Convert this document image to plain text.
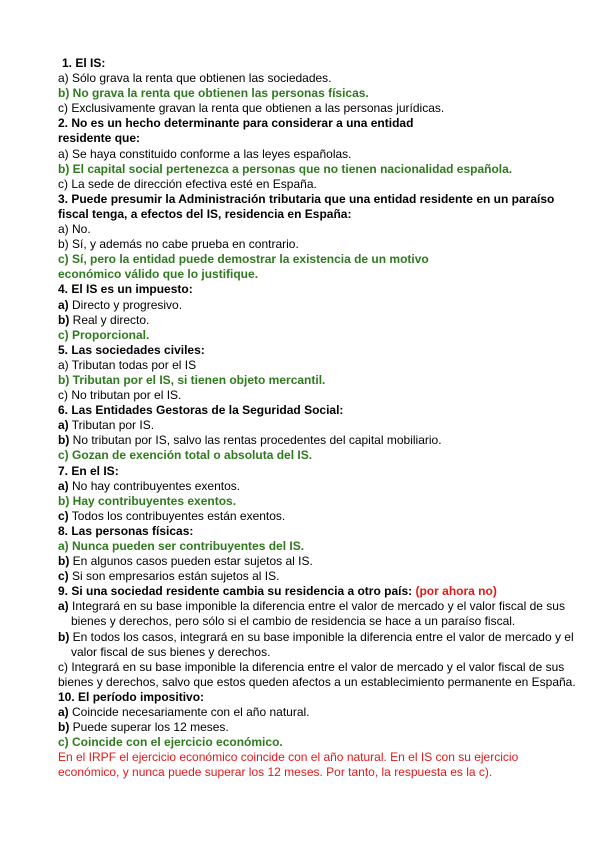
1. El IS:

a) Sólo grava la renta que obtienen las sociedades.

b) No grava la renta que obtienen las personas físicas.

c) Exclusivamente gravan la renta que obtienen a las personas jurídicas.

2. No es un hecho determinante para considerar a una entidad

residente que:

a) Se haya constituido conforme a las leyes españolas.

b) El capital social pertenezca a personas que no tienen nacionalidad española.

c) La sede de dirección efectiva esté en España.

3. Puede presumir la Administración tributaria que una entidad residente en un paraíso fiscal tenga, a efectos del IS, residencia en España:

a) No.

b) Sí, y además no cabe prueba en contrario.

c) Sí, pero la entidad puede demostrar la existencia de un motivo

económico válido que lo justifique.

4. El IS es un impuesto:

a) Directo y progresivo.

b) Real y directo.

c) Proporcional.

5. Las sociedades civiles:

a) Tributan todas por el IS

b) Tributan por el IS, si tienen objeto mercantil.

c) No tributan por el IS.

6. Las Entidades Gestoras de la Seguridad Social:

a) Tributan por IS.

b) No tributan por IS, salvo las rentas procedentes del capital mobiliario.

c) Gozan de exención total o absoluta del IS.

7. En el IS:

a) No hay contribuyentes exentos.

b) Hay contribuyentes exentos.

c) Todos los contribuyentes están exentos.

8. Las personas físicas:

a) Nunca pueden ser contribuyentes del IS.

b) En algunos casos pueden estar sujetos al IS.

c) Si son empresarios están sujetos al IS.

9. Si una sociedad residente cambia su residencia a otro país: (por ahora no)

a) Integrará en su base imponible la diferencia entre el valor de mercado y el valor fiscal de sus bienes y derechos, pero sólo si el cambio de residencia se hace a un paraíso fiscal.

b) En todos los casos, integrará en su base imponible la diferencia entre el valor de mercado y el valor fiscal de sus bienes y derechos.

c) Integrará en su base imponible la diferencia entre el valor de mercado y el valor fiscal de sus bienes y derechos, salvo que estos queden afectos a un establecimiento permanente en España.

10. El período impositivo:

a) Coincide necesariamente con el año natural.

b) Puede superar los 12 meses.

c) Coincide con el ejercicio económico.

En el IRPF el ejercicio económico coincide con el año natural. En el IS con su ejercicio económico, y nunca puede superar los 12 meses. Por tanto, la respuesta es la c).
